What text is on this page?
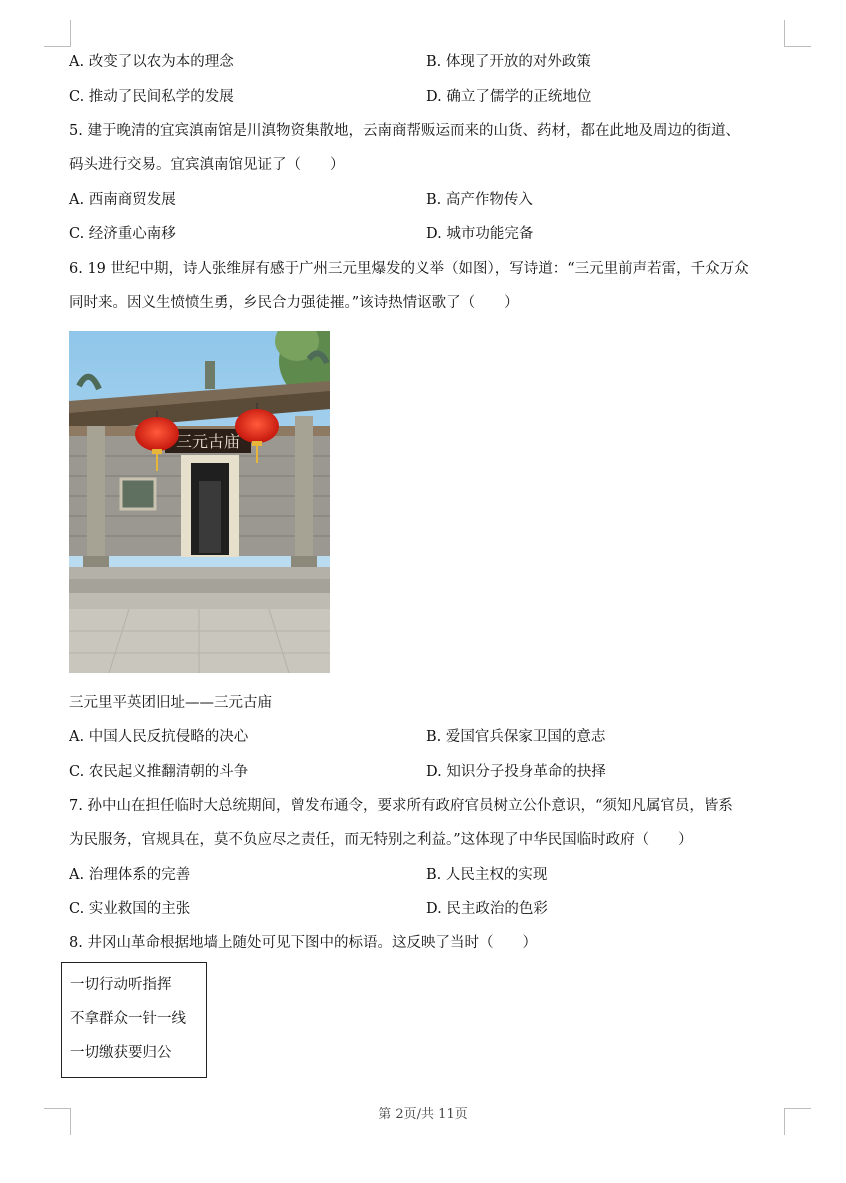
A. 改变了以农为本的理念	B. 体现了开放的对外政策
C. 推动了民间私学的发展	D. 确立了儒学的正统地位
5. 建于晚清的宜宾滇南馆是川滇物资集散地，云南商帮贩运而来的山货、药材，都在此地及周边的街道、
码头进行交易。宜宾滇南馆见证了（　　）
A. 西南商贸发展	B. 高产作物传入
C. 经济重心南移	D. 城市功能完备
6. 19 世纪中期，诗人张维屏有感于广州三元里爆发的义举（如图），写诗道：“三元里前声若雷，千众万众
同时来。因义生愤愤生勇，乡民合力强徒摧。”该诗热情讴歌了（　　）
三元古庙
三元里平英团旧址——三元古庙
A. 中国人民反抗侵略的决心	B. 爱国官兵保家卫国的意志
C. 农民起义推翻清朝的斗争	D. 知识分子投身革命的抉择
7. 孙中山在担任临时大总统期间，曾发布通令，要求所有政府官员树立公仆意识，“须知凡属官员，皆系
为民服务，官规具在，莫不负应尽之责任，而无特别之利益。”这体现了中华民国临时政府（　　）
A. 治理体系的完善	B. 人民主权的实现
C. 实业救国的主张	D. 民主政治的色彩
8. 井冈山革命根据地墙上随处可见下图中的标语。这反映了当时（　　）
一切行动听指挥
不拿群众一针一线
一切缴获要归公
第 2页/共 11页
